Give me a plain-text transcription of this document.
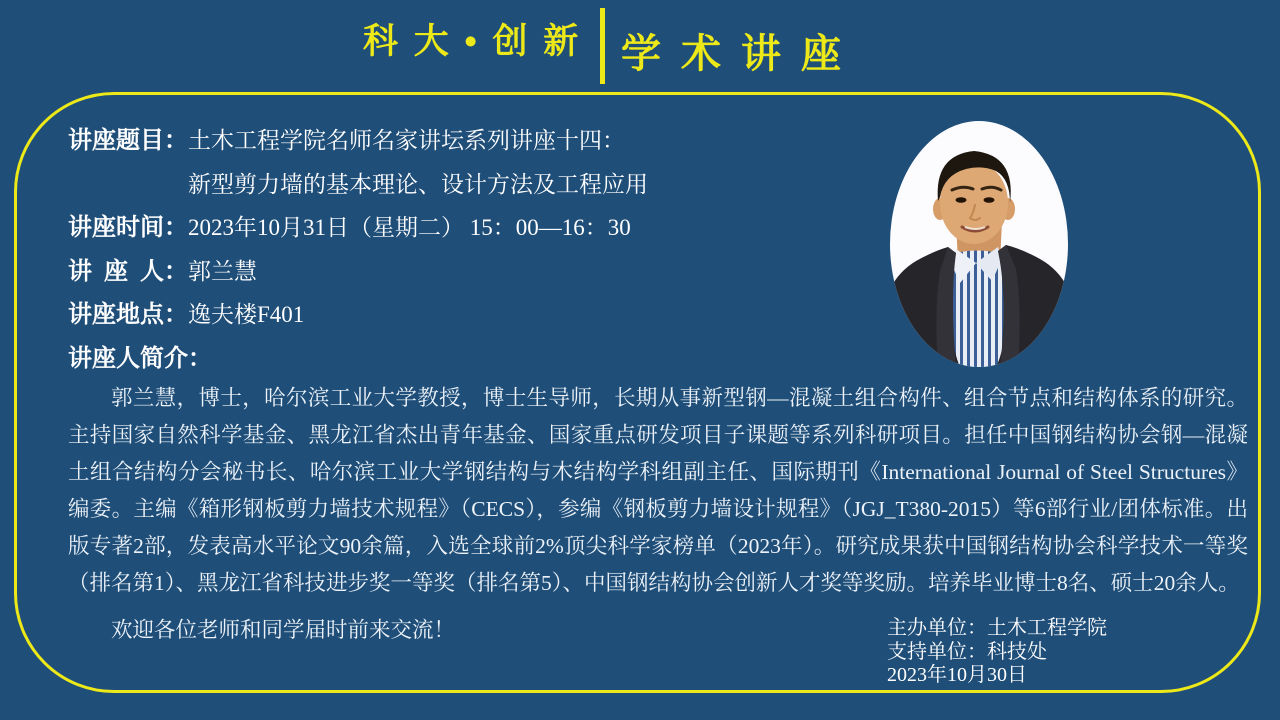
科大•创新 学术讲座
讲座题目： 土木工程学院名师名家讲坛系列讲座十四：
新型剪力墙的基本理论、设计方法及工程应用
讲座时间： 2023年10月31日（星期二） 15：00—16：30
讲 座 人： 郭兰慧
讲座地点： 逸夫楼F401
讲座人简介：

郭兰慧，博士，哈尔滨工业大学教授，博士生导师，长期从事新型钢—混凝土组合构件、组合节点和结构体系的研究。主持国家自然科学基金、黑龙江省杰出青年基金、国家重点研发项目子课题等系列科研项目。担任中国钢结构协会钢—混凝土组合结构分会秘书长、哈尔滨工业大学钢结构与木结构学科组副主任、国际期刊《International Journal of Steel Structures》编委。主编《箱形钢板剪力墙技术规程》（CECS），参编《钢板剪力墙设计规程》（JGJ_T380-2015）等6部行业/团体标准。出版专著2部，发表高水平论文90余篇，入选全球前2%顶尖科学家榜单（2023年）。研究成果获中国钢结构协会科学技术一等奖（排名第1）、黑龙江省科技进步奖一等奖（排名第5）、中国钢结构协会创新人才奖等奖励。培养毕业博士8名、硕士20余人。

欢迎各位老师和同学届时前来交流！	主办单位：土木工程学院
支持单位：科技处
2023年10月30日
